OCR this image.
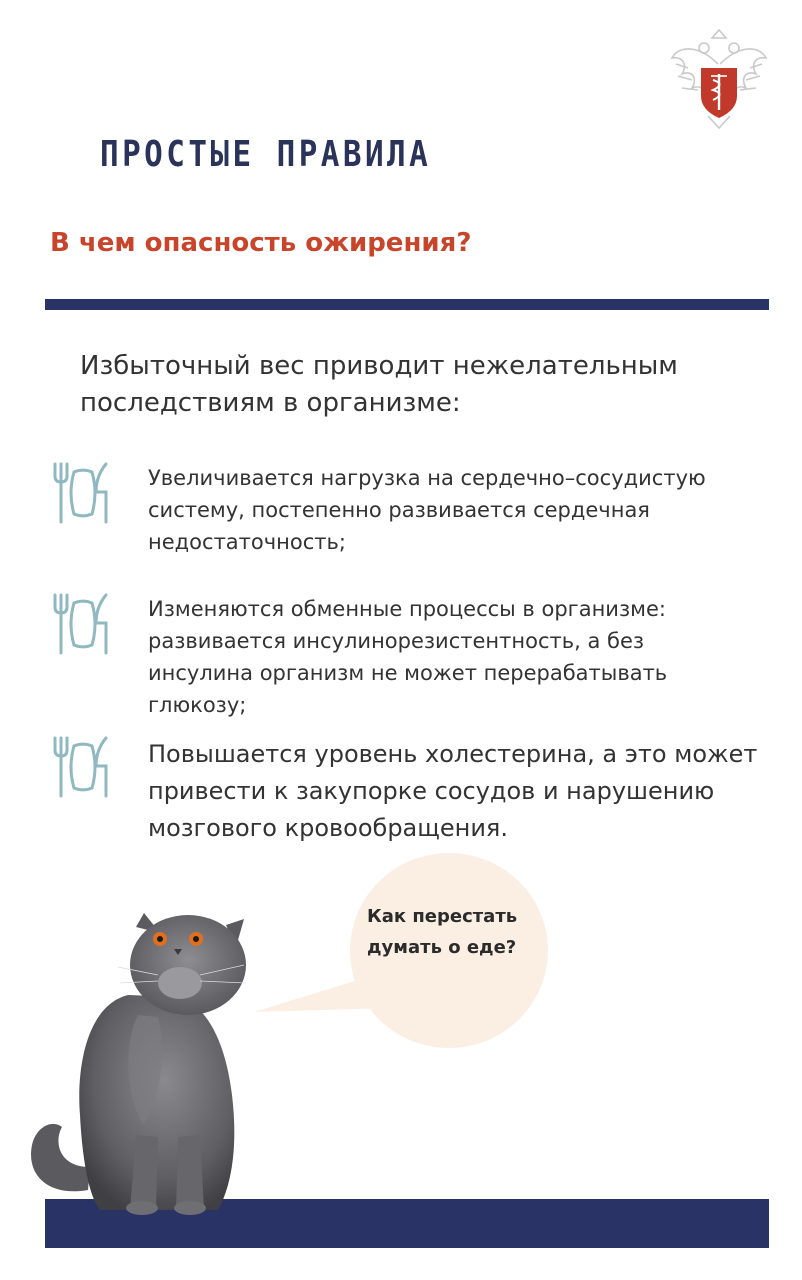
ПРОСТЫЕ ПРАВИЛА
В чем опасность ожирения?
Избыточный вес приводит нежелательным
последствиям в организме:
Увеличивается нагрузка на сердечно–сосудистую
систему, постепенно развивается сердечная
недостаточность;
Изменяются обменные процессы в организме:
развивается инсулинорезистентность, а без
инсулина организм не может перерабатывать
глюкозу;
Повышается уровень холестерина, а это может
привести к закупорке сосудов и нарушению
мозгового кровообращения.
Как перестать
думать о еде?
